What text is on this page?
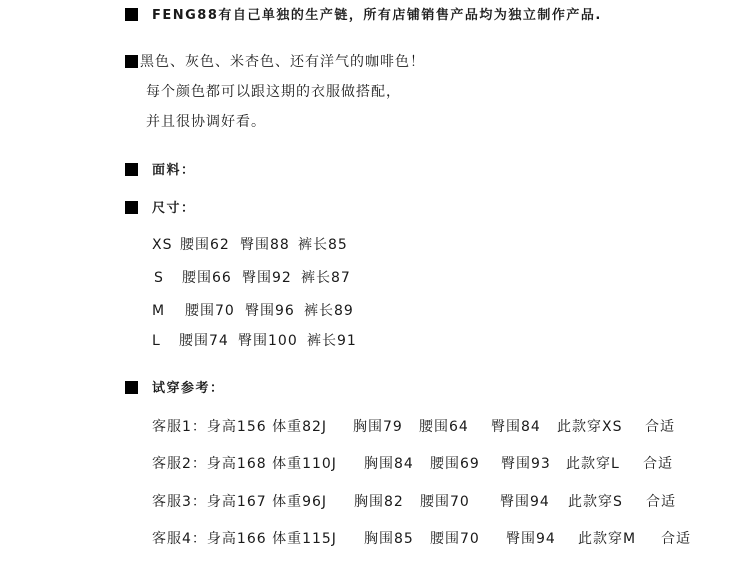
FENG88有自己单独的生产链，所有店铺销售产品均为独立制作产品.
黑色、灰色、米杏色、还有洋气的咖啡色！
每个颜色都可以跟这期的衣服做搭配，
并且很协调好看。
面料：
尺寸：
XS 腰围62 臀围88 裤长85
S 腰围66 臀围92 裤长87
M 腰围70 臀围96 裤长89
L 腰围74 臀围100 裤长91
试穿参考：
客服1：身高156 体重82J 胸围79 腰围64 臀围84 此款穿XS 合适
客服2：身高168 体重110J 胸围84 腰围69 臀围93 此款穿L 合适
客服3：身高167 体重96J 胸围82 腰围70 臀围94 此款穿S 合适
客服4：身高166 体重115J 胸围85 腰围70 臀围94 此款穿M 合适
